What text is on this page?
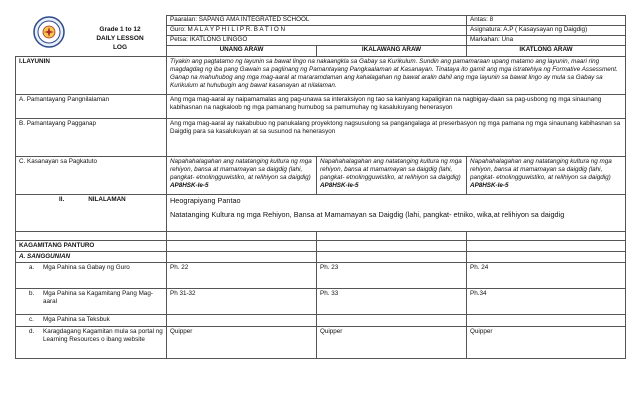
Grade 1 to 12
DAILY LESSON LOG
	Paaralan: SAPANG AMA INTEGRATED SCHOOL		Antas: 8
	Guro: M A L A Y P H I L I P R. B A T I O N		Asignatura: A.P ( Kasaysayan ng Daigdig)
	Petsa: IKATLONG LINGGO		Markahan: Una
	UNANG ARAW	IKALAWANG ARAW	IKATLONG ARAW
I.LAYUNIN	Tiyakin ang pagtatamo ng layunin sa bawat lingo na nakaangkla sa Gabay sa Kurikulum. Sundin ang pamamaraan upang matamo ang layunin, maari ring magdagdag ng iba pang Gawain sa paglinang ng Pamantayang Pangkaalaman at Kasanayan. Tinataya ito gamit ang mga istratehiya ng Formative Assessment. Ganap na mahuhubog ang mga mag-aaral at mararamdaman ang kahalagahan ng bawat aralin dahil ang mga layunin sa bawat lingo ay mula sa Gabay sa Kurikulum at huhubugin ang bawat kasanayan at nilalaman.		
A. Pamantayang Pangnilalaman	Ang mga mag-aaral ay naipamamalas ang pag-unawa sa interaksiyon ng tao sa kaniyang kapaligiran na nagbigay-daan sa pag-usbong ng mga sinaunang kabihasnan na nagkaloob ng mga pamanang humubog sa pamumuhay ng kasalukuyang henerasyon		
B. Pamantayang Pagganap	Ang mga mag-aaral ay nakabubuo ng panukalang proyektong nagsusulong sa pangangalaga at preserbasyon ng mga pamana ng mga sinaunang kabihasnan sa Daigdig para sa kasalukuyan at sa susunod na henerasyon		
C. Kasanayan sa Pagkatuto	Napahahalagahan ang natatanging kultura ng mga rehiyon, bansa at mamamayan sa daigdig (lahi, pangkat- etnolingguwistiko, at relihiyon sa daigdig) AP8HSK-Ie-5	Napahahalagahan ang natatanging kultura ng mga rehiyon, bansa at mamamayan sa daigdig (lahi, pangkat- etnolingguwistiko, at relihiyon sa daigdig) AP8HSK-Ie-5	Napahahalagahan ang natatanging kultura ng mga rehiyon, bansa at mamamayan sa daigdig (lahi, pangkat- etnolingguwistiko, at relihiyon sa daigdig) AP8HSK-Ie-5
II. NILALAMAN	Heograpiyang Pantao
Natatanging Kultura ng mga Rehiyon, Bansa at Mamamayan sa Daigdig (lahi, pangkat- etniko, wika,at relihiyon sa daigdig		

KAGAMITANG PANTURO			
A. SANGGUNIAN			
a. Mga Pahina sa Gabay ng Guro	Ph. 22	Ph. 23	Ph. 24

b. Mga Pahina sa Kagamitang Pang Mag-aaral	Ph 31-32	Ph. 33	Ph.34
c. Mga Pahina sa Teksbuk			

d. Karagdagang Kagamitan mula sa portal ng Learning Resources o ibang website	Quipper	Quipper	Quipper
